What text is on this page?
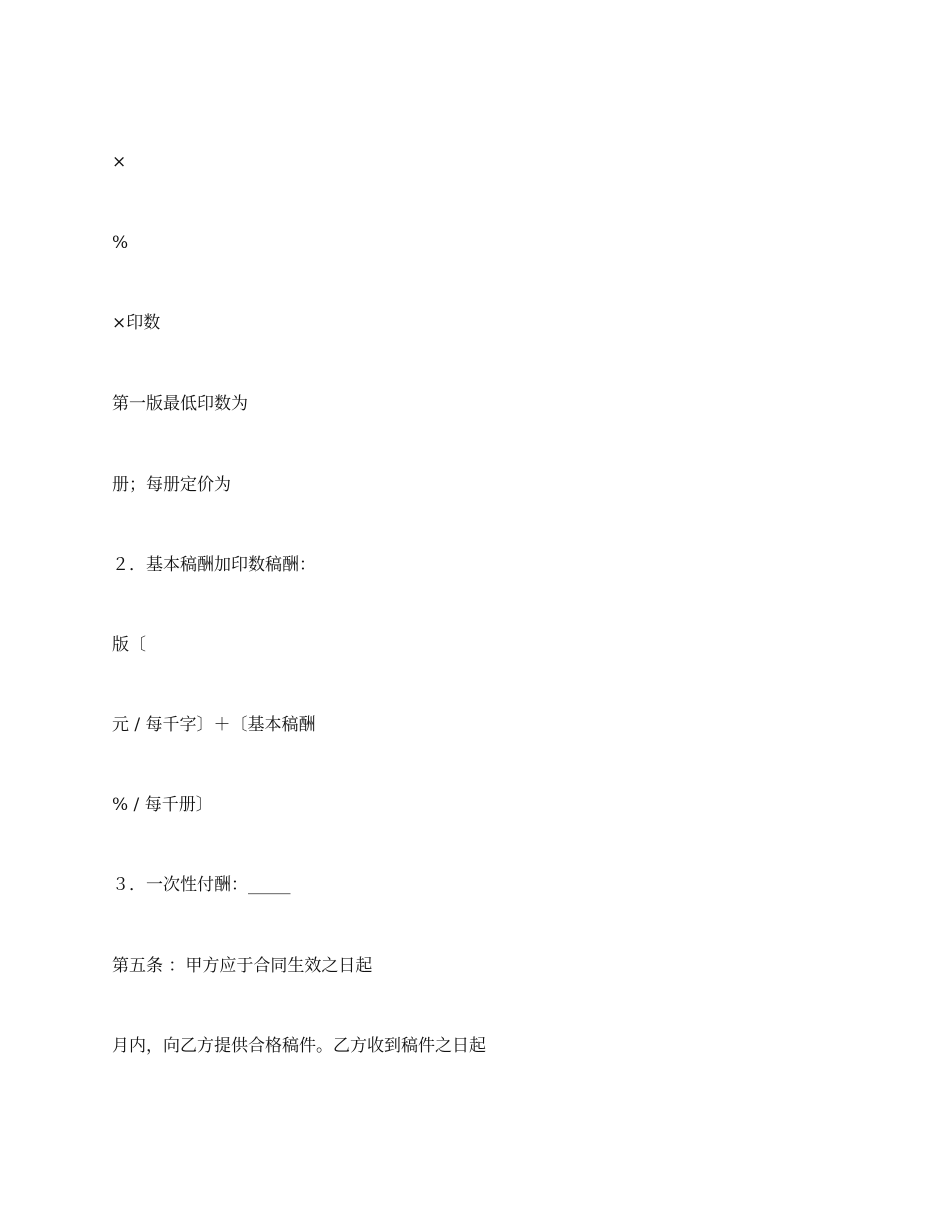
×
%
×印数
第一版最低印数为
册；每册定价为
２．基本稿酬加印数稿酬：
版〔
元 / 每千字〕＋〔基本稿酬
% / 每千册〕
３．一次性付酬：_____
第五条 ：甲方应于合同生效之日起
月内，向乙方提供合格稿件。乙方收到稿件之日起
